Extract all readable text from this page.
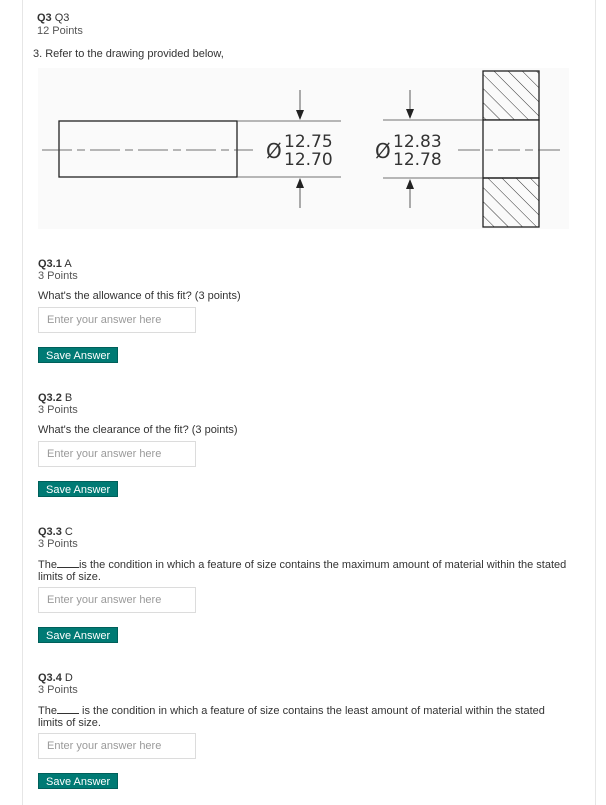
Q3 Q3
12 Points
3. Refer to the drawing provided below,
Ø 12.75
12.70 Ø 12.83
12.78
Q3.1 A
3 Points
What's the allowance of this fit? (3 points)
Enter your answer here
Save Answer
Q3.2 B
3 Points
What's the clearance of the fit? (3 points)
Enter your answer here
Save Answer
Q3.3 C
3 Points
The is the condition in which a feature of size contains the maximum amount of material within the stated limits of size.
Enter your answer here
Save Answer
Q3.4 D
3 Points
The is the condition in which a feature of size contains the least amount of material within the stated limits of size.
Enter your answer here
Save Answer
